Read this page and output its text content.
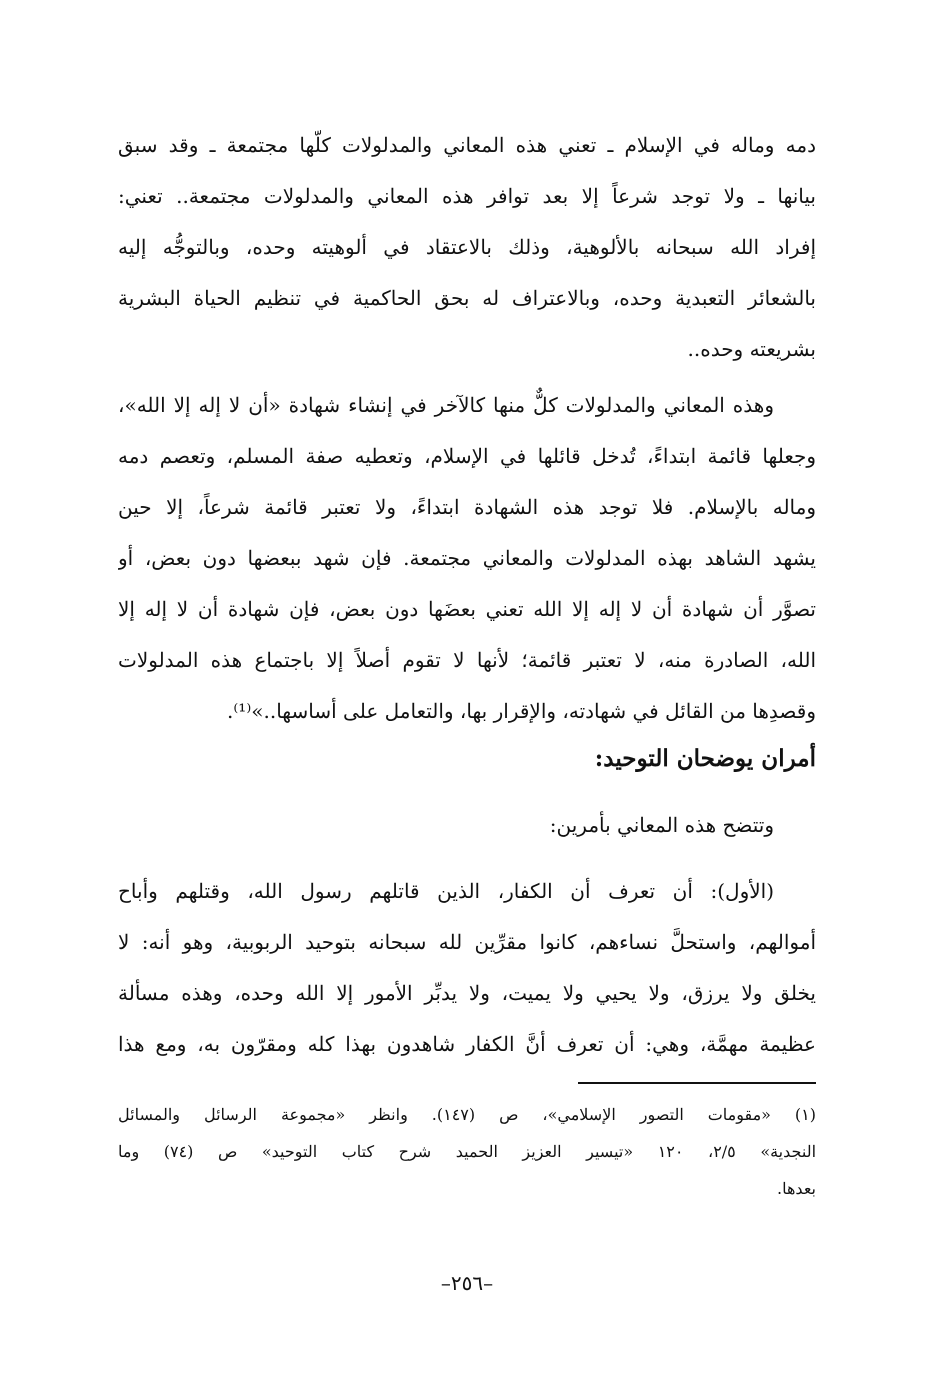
دمه وماله في الإسلام ـ تعني هذه المعاني والمدلولات كلّها مجتمعة ـ وقد سبق
بيانها ـ ولا توجد شرعاً إلا بعد توافر هذه المعاني والمدلولات مجتمعة.. تعني:
إفراد الله سبحانه بالألوهية، وذلك بالاعتقاد في ألوهيته وحده، وبالتوجُّه إليه
بالشعائر التعبدية وحده، وبالاعتراف له بحق الحاكمية في تنظيم الحياة البشرية
بشريعته وحده..
وهذه المعاني والمدلولات كلٌّ منها كالآخر في إنشاء شهادة «أن لا إله إلا الله»،
وجعلها قائمة ابتداءً، تُدخل قائلها في الإسلام، وتعطيه صفة المسلم، وتعصم دمه
وماله بالإسلام. فلا توجد هذه الشهادة ابتداءً، ولا تعتبر قائمة شرعاً، إلا حين
يشهد الشاهد بهذه المدلولات والمعاني مجتمعة. فإن شهد ببعضها دون بعض، أو
تصوَّر أن شهادة أن لا إله إلا الله تعني بعضَها دون بعض، فإن شهادة أن لا إله إلا
الله، الصادرة منه، لا تعتبر قائمة؛ لأنها لا تقوم أصلاً إلا باجتماع هذه المدلولات
وقصدِها من القائل في شهادته، والإقرار بها، والتعامل على أساسها..»⁽¹⁾.
أمران يوضحان التوحيد:
وتتضح هذه المعاني بأمرين:
(الأول): أن تعرف أن الكفار، الذين قاتلهم رسول الله، وقتلهم وأباح
أموالهم، واستحلَّ نساءهم، كانوا مقرِّين لله سبحانه بتوحيد الربوبية، وهو أنه: لا
يخلق ولا يرزق، ولا يحيي ولا يميت، ولا يدبِّر الأمور إلا الله وحده، وهذه مسألة
عظيمة مهمَّة، وهي: أن تعرف أنَّ الكفار شاهدون بهذا كله ومقرّون به، ومع هذا
(١) «مقومات التصور الإسلامي»، ص (١٤٧). وانظر «مجموعة الرسائل والمسائل
النجدية» ٢/٥، ١٢٠ «تيسير العزيز الحميد شرح كتاب التوحيد» ص (٧٤) وما
بعدها.
–٢٥٦–
